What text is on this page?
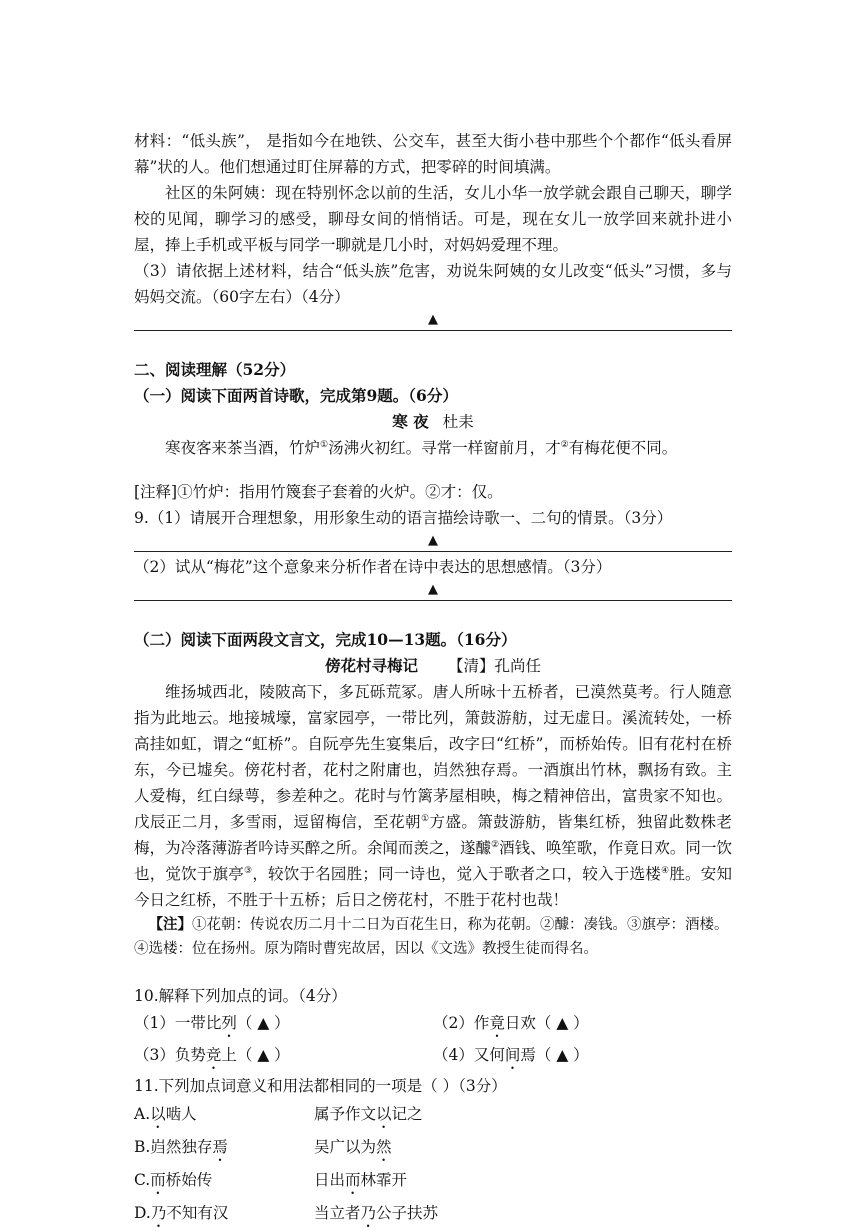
材料：“低头族”， 是指如今在地铁、公交车，甚至大街小巷中那些个个都作“低头看屏幕”状的人。他们想通过盯住屏幕的方式，把零碎的时间填满。

社区的朱阿姨：现在特别怀念以前的生活，女儿小华一放学就会跟自己聊天，聊学校的见闻，聊学习的感受，聊母女间的悄悄话。可是，现在女儿一放学回来就扑进小屋，捧上手机或平板与同学一聊就是几小时，对妈妈爱理不理。

（3）请依据上述材料，结合“低头族”危害，劝说朱阿姨的女儿改变“低头”习惯，多与妈妈交流。（60字左右）（4分）

▲

二、阅读理解（52分）

（一）阅读下面两首诗歌，完成第9题。（6分）

寒 夜 杜耒

寒夜客来茶当酒，竹炉①汤沸火初红。寻常一样窗前月，才②有梅花便不同。

[注释]①竹炉：指用竹篾套子套着的火炉。②才：仅。

9.（1）请展开合理想象，用形象生动的语言描绘诗歌一、二句的情景。（3分）

▲

（2）试从“梅花”这个意象来分析作者在诗中表达的思想感情。（3分）

▲

（二）阅读下面两段文言文，完成10—13题。（16分）

傍花村寻梅记 【清】孔尚任

维扬城西北，陵陂高下，多瓦砾荒冢。唐人所咏十五桥者，已漠然莫考。行人随意指为此地云。地接城壕，富家园亭，一带比列，箫鼓游舫，过无虚日。溪流转处，一桥高挂如虹，谓之“虹桥”。自阮亭先生宴集后，改字曰“红桥”，而桥始传。旧有花村在桥东，今已墟矣。傍花村者，花村之附庸也，岿然独存焉。一酒旗出竹林，飘扬有致。主人爱梅，红白绿萼，参差种之。花时与竹篱茅屋相映，梅之精神倍出，富贵家不知也。戊辰正二月，多雪雨，逗留梅信，至花朝①方盛。箫鼓游舫，皆集红桥，独留此数株老梅，为冷落薄游者吟诗买醉之所。余闻而羡之，遂醵②酒钱、唤笙歌，作竟日欢。同一饮也，觉饮于旗亭③，较饮于名园胜；同一诗也，觉入于歌者之口，较入于选楼④胜。安知今日之红桥，不胜于十五桥；后日之傍花村，不胜于花村也哉！

【注】①花朝：传说农历二月十二日为百花生日，称为花朝。②醵：凑钱。③旗亭：酒楼。④选楼：位在扬州。原为隋时曹宪故居，因以《文选》教授生徒而得名。

10.解释下列加点的词。（4分）

（1）一带比列（ ▲ ）	（2）作竟日欢（ ▲ ）
（3）负势竞上（ ▲ ）	（4）又何间焉（ ▲ ）

11.下列加点词意义和用法都相同的一项是（ ）（3分）

A.以啮人	属予作文以记之
B.岿然独存焉	吴广以为然
C.而桥始传	日出而林霏开
D.乃不知有汉	当立者乃公子扶苏
